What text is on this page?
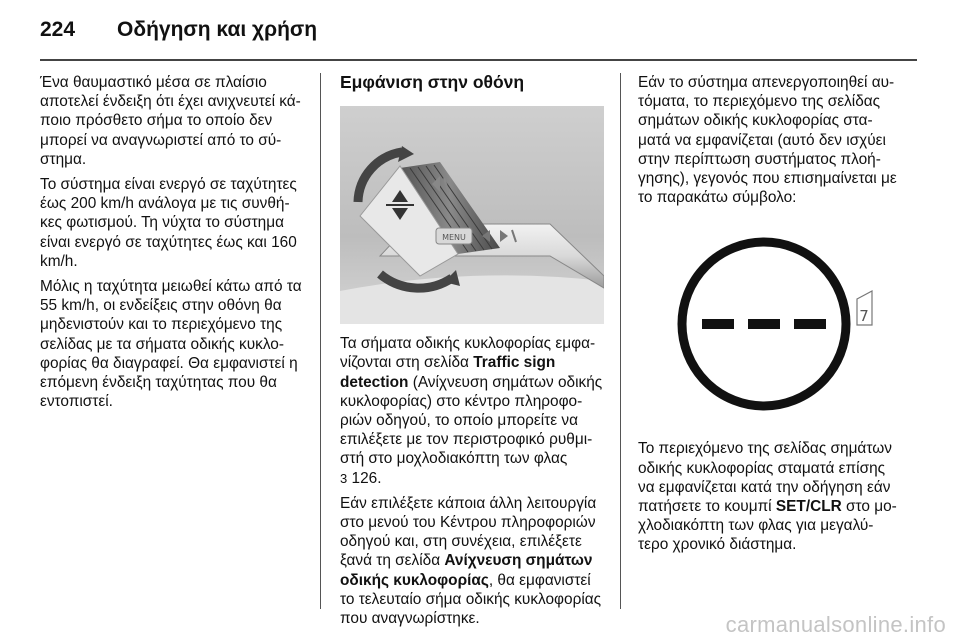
224	Οδήγηση και χρήση

Ένα θαυμαστικό μέσα σε πλαίσιο αποτελεί ένδειξη ότι έχει ανιχνευτεί κά- ποιο πρόσθετο σήμα το οποίο δεν μπορεί να αναγνωριστεί από το σύ- στημα.

Το σύστημα είναι ενεργό σε ταχύτητες έως 200 km/h ανάλογα με τις συνθή- κες φωτισμού. Τη νύχτα το σύστημα είναι ενεργό σε ταχύτητες έως και 160 km/h.

Μόλις η ταχύτητα μειωθεί κάτω από τα 55 km/h, οι ενδείξεις στην οθόνη θα μηδενιστούν και το περιεχόμενο της σελίδας με τα σήματα οδικής κυκλο- φορίας θα διαγραφεί. Θα εμφανιστεί η επόμενη ένδειξη ταχύτητας που θα εντοπιστεί.

Εμφάνιση στην οθόνη
MENU

Τα σήματα οδικής κυκλοφορίας εμφα- νίζονται στη σελίδα Traffic sign detection (Ανίχνευση σημάτων οδικής κυκλοφορίας) στο κέντρο πληροφο- ριών οδηγού, το οποίο μπορείτε να επιλέξετε με τον περιστροφικό ρυθμι- στή στο μοχλοδιακόπτη των φλας
3 126.

Εάν επιλέξετε κάποια άλλη λειτουργία στο μενού του Κέντρου πληροφοριών οδηγού και, στη συνέχεια, επιλέξετε ξανά τη σελίδα Ανίχνευση σημάτων οδικής κυκλοφορίας, θα εμφανιστεί το τελευταίο σήμα οδικής κυκλοφορίας που αναγνωρίστηκε.

Εάν το σύστημα απενεργοποιηθεί αυ- τόματα, το περιεχόμενο της σελίδας σημάτων οδικής κυκλοφορίας στα- ματά να εμφανίζεται (αυτό δεν ισχύει στην περίπτωση συστήματος πλοή- γησης), γεγονός που επισημαίνεται με το παρακάτω σύμβολο:

7

Το περιεχόμενο της σελίδας σημάτων οδικής κυκλοφορίας σταματά επίσης να εμφανίζεται κατά την οδήγηση εάν πατήσετε το κουμπί SET/CLR στο μο- χλοδιακόπτη των φλας για μεγαλύ- τερο χρονικό διάστημα.

carmanualsonline.info
